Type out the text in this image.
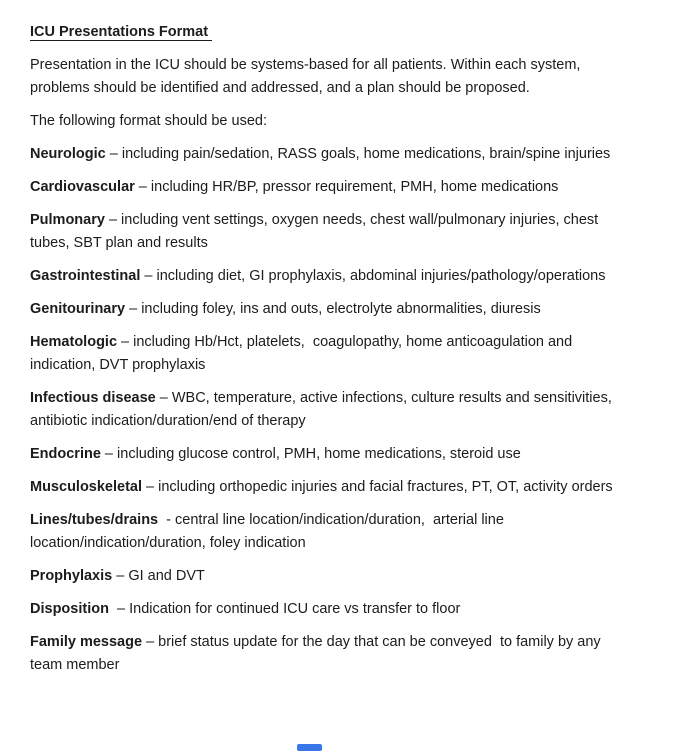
ICU Presentations Format

Presentation in the ICU should be systems-based for all patients. Within each system, problems should be identified and addressed, and a plan should be proposed.

The following format should be used:

Neurologic – including pain/sedation, RASS goals, home medications, brain/spine injuries

Cardiovascular – including HR/BP, pressor requirement, PMH, home medications

Pulmonary – including vent settings, oxygen needs, chest wall/pulmonary injuries, chest tubes, SBT plan and results

Gastrointestinal – including diet, GI prophylaxis, abdominal injuries/pathology/operations

Genitourinary – including foley, ins and outs, electrolyte abnormalities, diuresis

Hematologic – including Hb/Hct, platelets,  coagulopathy, home anticoagulation and indication, DVT prophylaxis

Infectious disease – WBC, temperature, active infections, culture results and sensitivities, antibiotic indication/duration/end of therapy

Endocrine – including glucose control, PMH, home medications, steroid use

Musculoskeletal – including orthopedic injuries and facial fractures, PT, OT, activity orders

Lines/tubes/drains  - central line location/indication/duration,  arterial line location/indication/duration, foley indication

Prophylaxis – GI and DVT

Disposition  – Indication for continued ICU care vs transfer to floor

Family message – brief status update for the day that can be conveyed  to family by any team member
